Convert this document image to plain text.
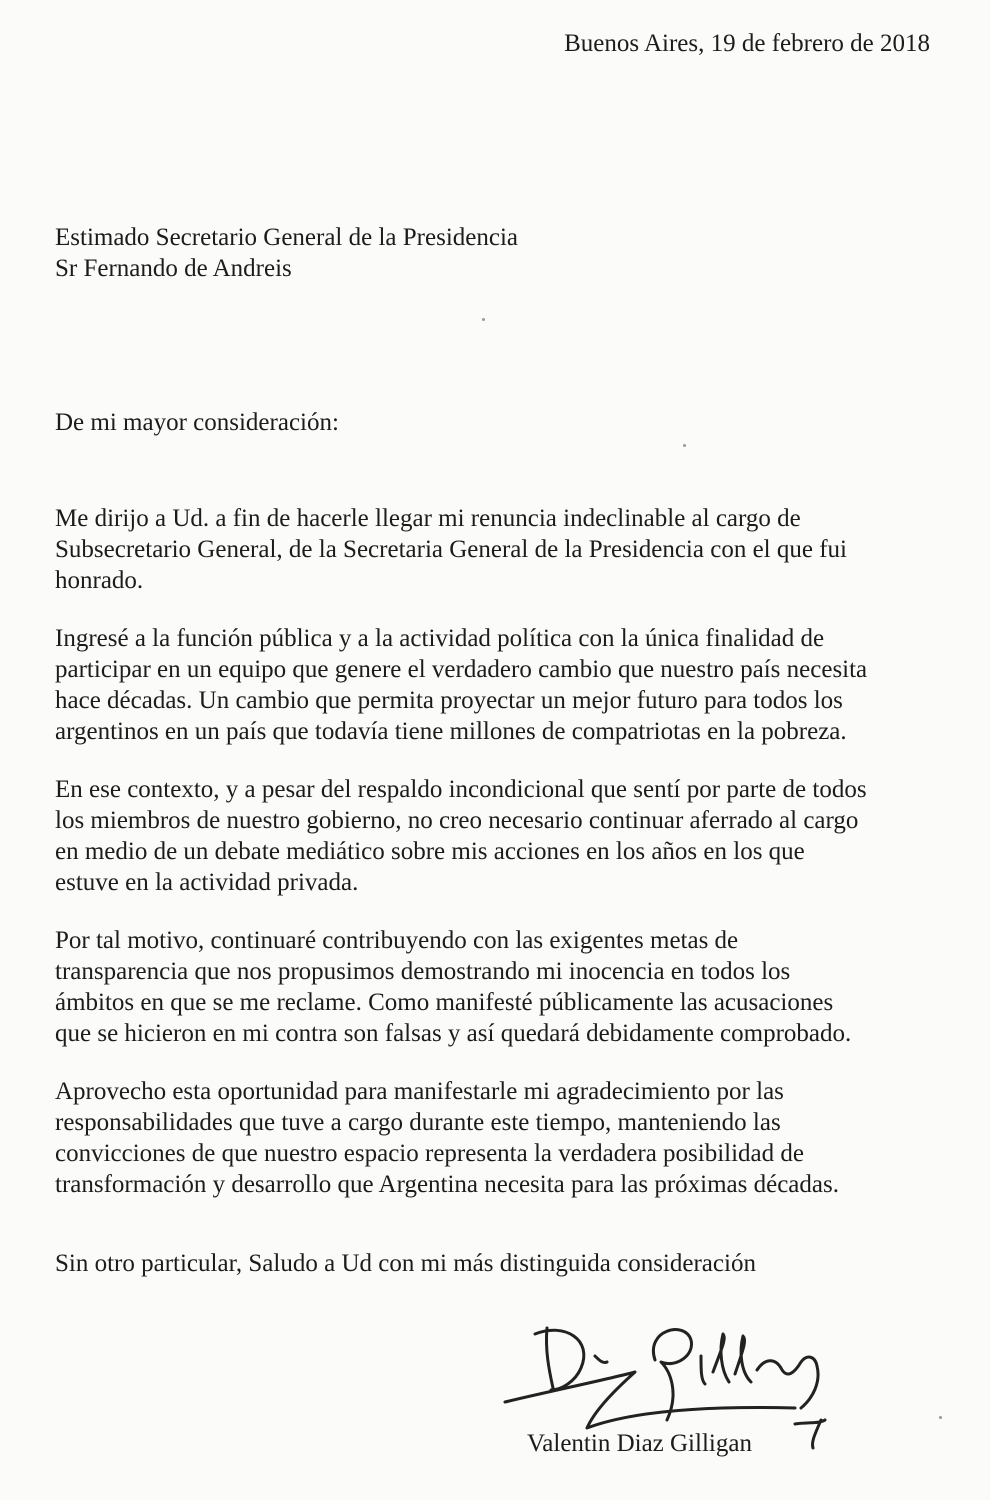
Buenos Aires, 19 de febrero de 2018
Estimado Secretario General de la Presidencia
Sr Fernando de Andreis
De mi mayor consideración:

Me dirijo a Ud. a fin de hacerle llegar mi renuncia indeclinable al cargo de
Subsecretario General, de la Secretaria General de la Presidencia con el que fui
honrado.

Ingresé a la función pública y a la actividad política con la única finalidad de
participar en un equipo que genere el verdadero cambio que nuestro país necesita
hace décadas. Un cambio que permita proyectar un mejor futuro para todos los
argentinos en un país que todavía tiene millones de compatriotas en la pobreza.

En ese contexto, y a pesar del respaldo incondicional que sentí por parte de todos
los miembros de nuestro gobierno, no creo necesario continuar aferrado al cargo
en medio de un debate mediático sobre mis acciones en los años en los que
estuve en la actividad privada.

Por tal motivo, continuaré contribuyendo con las exigentes metas de
transparencia que nos propusimos demostrando mi inocencia en todos los
ámbitos en que se me reclame. Como manifesté públicamente las acusaciones
que se hicieron en mi contra son falsas y así quedará debidamente comprobado.

Aprovecho esta oportunidad para manifestarle mi agradecimiento por las
responsabilidades que tuve a cargo durante este tiempo, manteniendo las
convicciones de que nuestro espacio representa la verdadera posibilidad de
transformación y desarrollo que Argentina necesita para las próximas décadas.

Sin otro particular, Saludo a Ud con mi más distinguida consideración
Valentin Diaz Gilligan
